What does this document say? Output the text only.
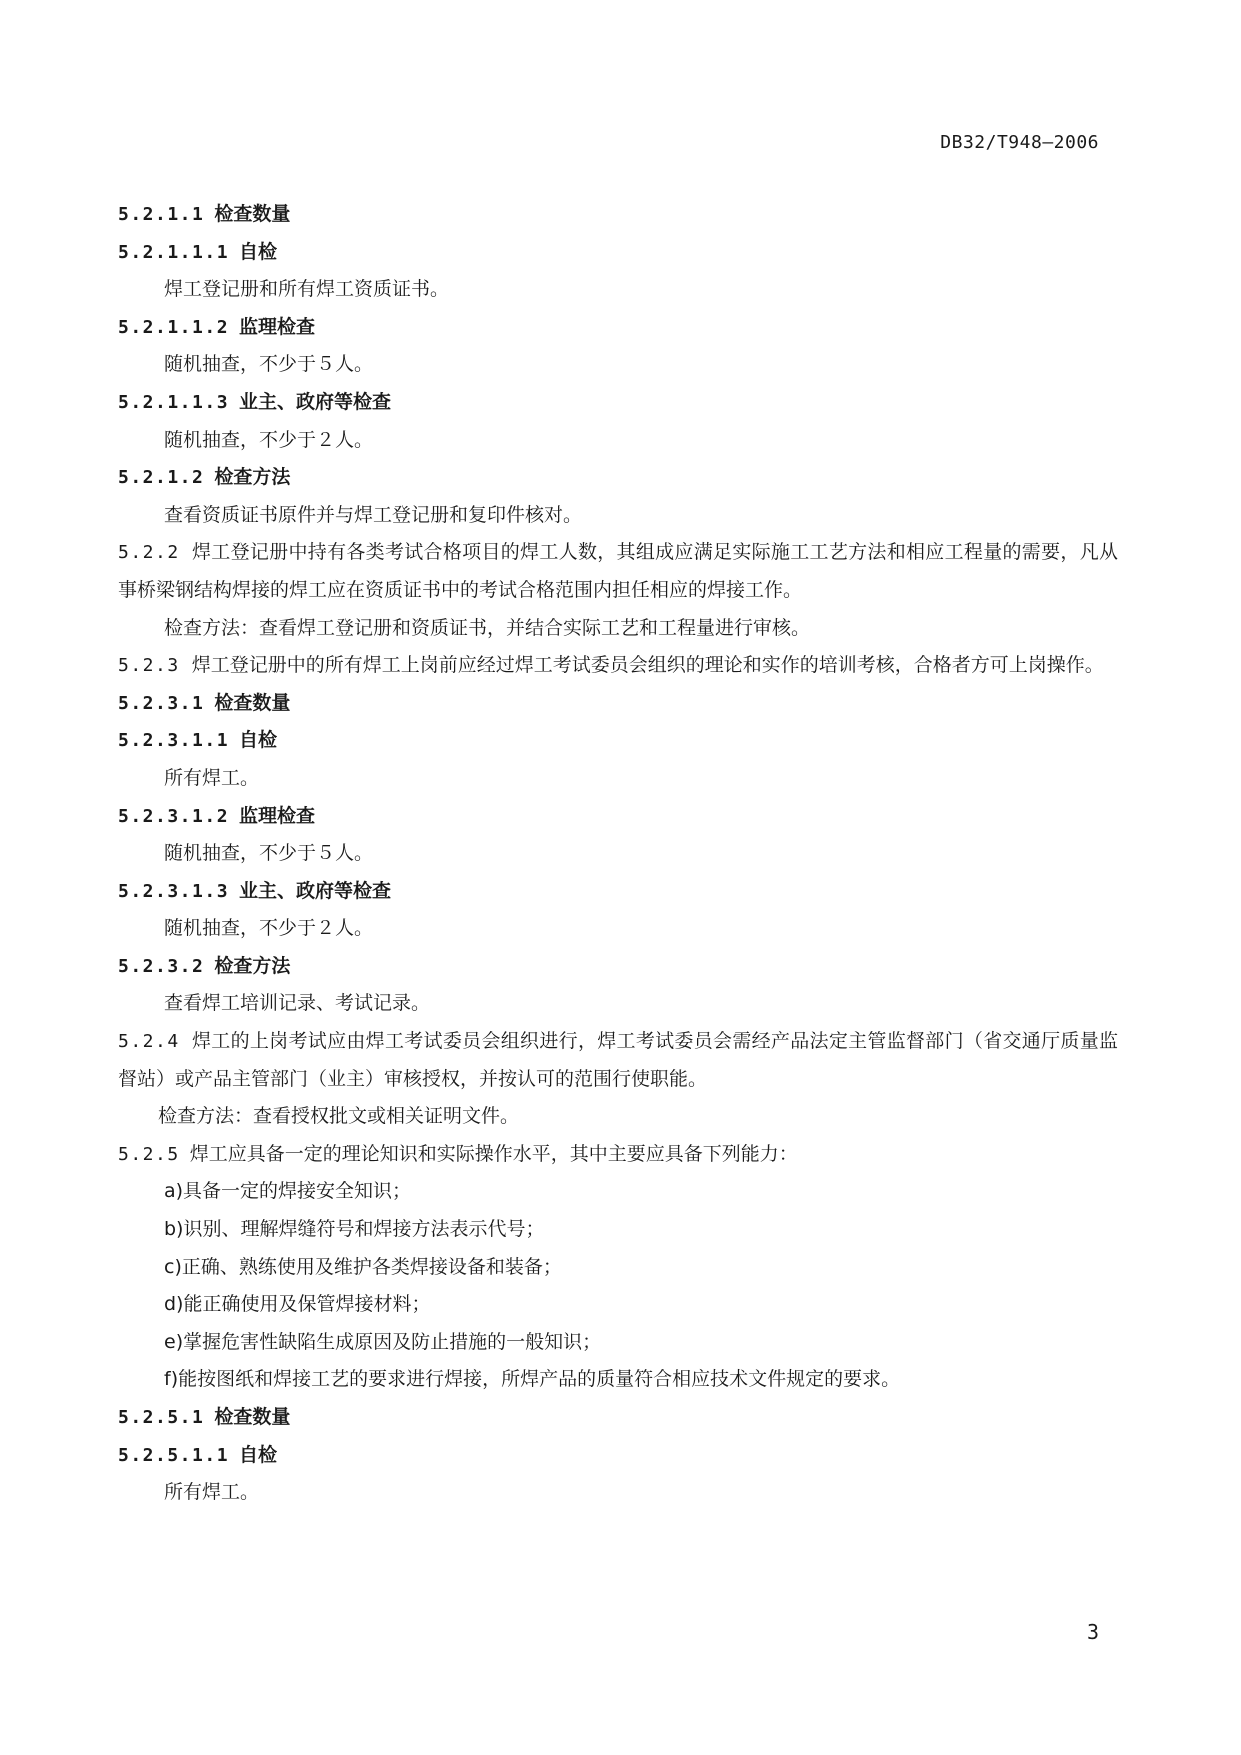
DB32/T948—2006
5.2.1.1 检查数量
5.2.1.1.1 自检
焊工登记册和所有焊工资质证书。
5.2.1.1.2 监理检查
随机抽查，不少于５人。
5.2.1.1.3 业主、政府等检查
随机抽查，不少于２人。
5.2.1.2 检查方法
查看资质证书原件并与焊工登记册和复印件核对。
5.2.2 焊工登记册中持有各类考试合格项目的焊工人数，其组成应满足实际施工工艺方法和相应工程量的需要，凡从事桥梁钢结构焊接的焊工应在资质证书中的考试合格范围内担任相应的焊接工作。
检查方法：查看焊工登记册和资质证书，并结合实际工艺和工程量进行审核。
5.2.3 焊工登记册中的所有焊工上岗前应经过焊工考试委员会组织的理论和实作的培训考核，合格者方可上岗操作。
5.2.3.1 检查数量
5.2.3.1.1 自检
所有焊工。
5.2.3.1.2 监理检查
随机抽查，不少于５人。
5.2.3.1.3 业主、政府等检查
随机抽查，不少于２人。
5.2.3.2 检查方法
查看焊工培训记录、考试记录。
5.2.4 焊工的上岗考试应由焊工考试委员会组织进行，焊工考试委员会需经产品法定主管监督部门（省交通厅质量监督站）或产品主管部门（业主）审核授权，并按认可的范围行使职能。
检查方法：查看授权批文或相关证明文件。
5.2.5 焊工应具备一定的理论知识和实际操作水平，其中主要应具备下列能力：
a)具备一定的焊接安全知识；
b)识别、理解焊缝符号和焊接方法表示代号；
c)正确、熟练使用及维护各类焊接设备和装备；
d)能正确使用及保管焊接材料；
e)掌握危害性缺陷生成原因及防止措施的一般知识；
f)能按图纸和焊接工艺的要求进行焊接，所焊产品的质量符合相应技术文件规定的要求。
5.2.5.1 检查数量
5.2.5.1.1 自检
所有焊工。
3
